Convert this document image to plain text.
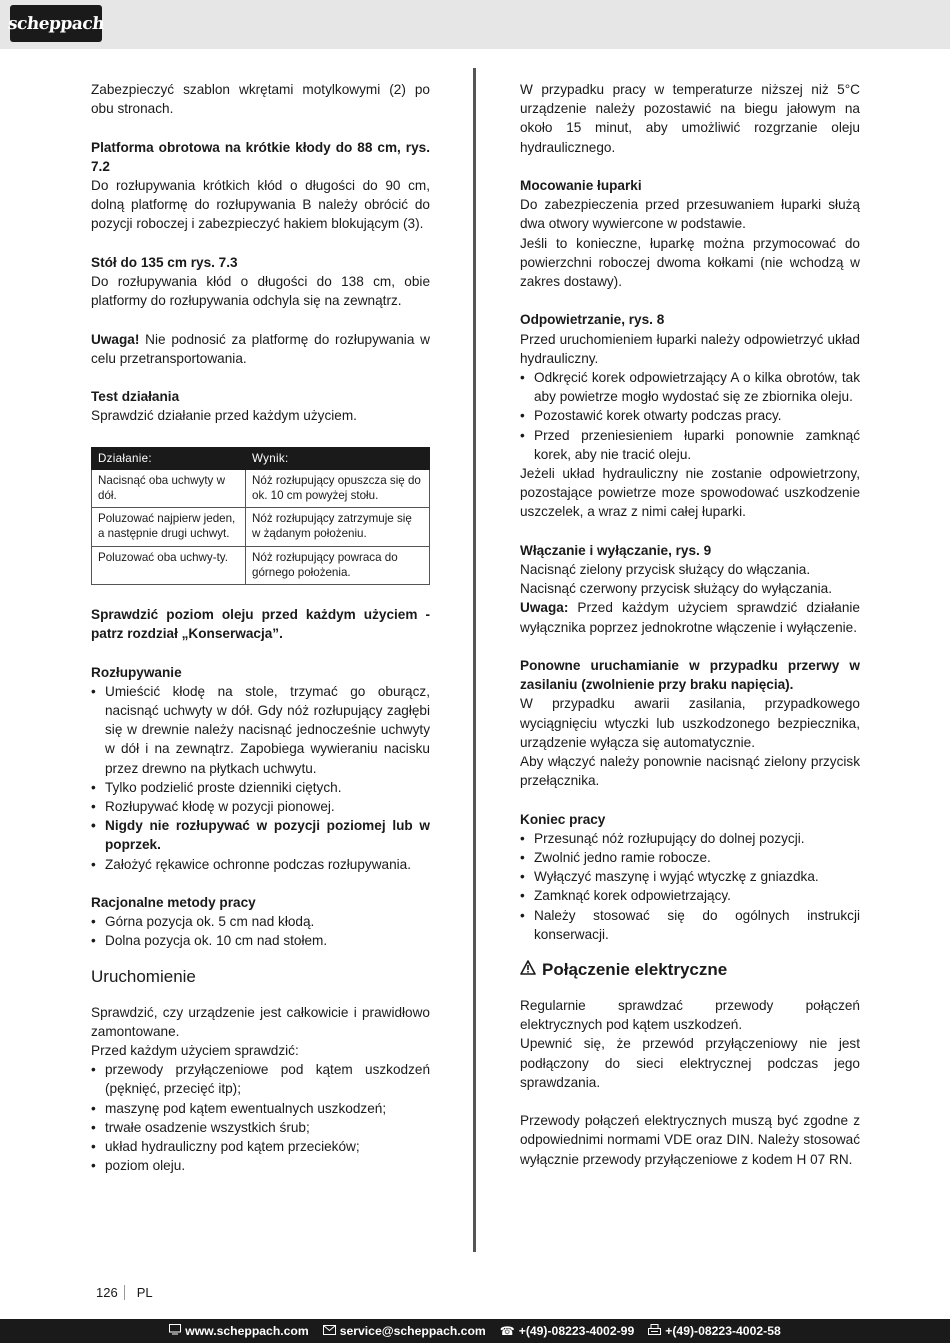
scheppach

Zabezpieczyć szablon wkrętami motylkowymi (2) po obu stronach.

Platforma obrotowa na krótkie kłody do 88 cm, rys. 7.2

Do rozłupywania krótkich kłód o długości do 90 cm, dolną platformę do rozłupywania B należy obrócić do pozycji roboczej i zabezpieczyć hakiem blokującym (3).

Stół do 135 cm rys. 7.3

Do rozłupywania kłód o długości do 138 cm, obie platformy do rozłupywania odchyla się na zewnątrz.

Uwaga! Nie podnosić za platformę do rozłupywania w celu przetransportowania.

Test działania

Sprawdzić działanie przed każdym użyciem.

Działanie:	Wynik:
Nacisnąć oba uchwyty w dół.	Nóż rozłupujący opuszcza się do ok. 10 cm powyżej stołu.
Poluzować najpierw jeden, a następnie drugi uchwyt.	Nóż rozłupujący zatrzymuje się w żądanym położeniu.
Poluzować oba uchwy-ty.	Nóż rozłupujący powraca do górnego położenia.

Sprawdzić poziom oleju przed każdym użyciem - patrz rozdział „Konserwacja”.

Rozłupywanie

• Umieścić kłodę na stole, trzymać go oburącz, nacisnąć uchwyty w dół. Gdy nóż rozłupujący zagłębi się w drewnie należy nacisnąć jednocześnie uchwyty w dół i na zewnątrz. Zapobiega wywieraniu nacisku przez drewno na płytkach uchwytu.
• Tylko podzielić proste dzienniki ciętych.
• Rozłupywać kłodę w pozycji pionowej.
• Nigdy nie rozłupywać w pozycji poziomej lub w poprzek.
• Założyć rękawice ochronne podczas rozłupywania.

Racjonalne metody pracy

• Górna pozycja ok. 5 cm nad kłodą.
• Dolna pozycja ok. 10 cm nad stołem.
Uruchomienie

Sprawdzić, czy urządzenie jest całkowicie i prawidłowo zamontowane.

Przed każdym użyciem sprawdzić:

• przewody przyłączeniowe pod kątem uszkodzeń (pęknięć, przecięć itp);
• maszynę pod kątem ewentualnych uszkodzeń;
• trwałe osadzenie wszystkich śrub;
• układ hydrauliczny pod kątem przecieków;
• poziom oleju.

W przypadku pracy w temperaturze niższej niż 5°C urządzenie należy pozostawić na biegu jałowym na około 15 minut, aby umożliwić rozgrzanie oleju hydraulicznego.

Mocowanie łuparki

Do zabezpieczenia przed przesuwaniem łuparki służą dwa otwory wywiercone w podstawie.

Jeśli to konieczne, łuparkę można przymocować do powierzchni roboczej dwoma kołkami (nie wchodzą w zakres dostawy).

Odpowietrzanie, rys. 8

Przed uruchomieniem łuparki należy odpowietrzyć układ hydrauliczny.

• Odkręcić korek odpowietrzający A o kilka obrotów, tak aby powietrze mogło wydostać się ze zbiornika oleju.
• Pozostawić korek otwarty podczas pracy.
• Przed przeniesieniem łuparki ponownie zamknąć korek, aby nie tracić oleju.

Jeżeli układ hydrauliczny nie zostanie odpowietrzony, pozostające powietrze moze spowodować uszkodzenie uszczelek, a wraz z nimi całej łuparki.

Włączanie i wyłączanie, rys. 9

Nacisnąć zielony przycisk służący do włączania.

Nacisnąć czerwony przycisk służący do wyłączania.

Uwaga: Przed każdym użyciem sprawdzić działanie wyłącznika poprzez jednokrotne włączenie i wyłączenie.

Ponowne uruchamianie w przypadku przerwy w zasilaniu (zwolnienie przy braku napięcia).

W przypadku awarii zasilania, przypadkowego wyciągnięciu wtyczki lub uszkodzonego bezpiecznika, urządzenie wyłącza się automatycznie.

Aby włączyć należy ponownie nacisnąć zielony przycisk przełącznika.

Koniec pracy

• Przesunąć nóż rozłupujący do dolnej pozycji.
• Zwolnić jedno ramie robocze.
• Wyłączyć maszynę i wyjąć wtyczkę z gniazdka.
• Zamknąć korek odpowietrzający.
• Należy stosować się do ogólnych instrukcji konserwacji.
Połączenie elektryczne

Regularnie sprawdzać przewody połączeń elektrycznych pod kątem uszkodzeń.

Upewnić się, że przewód przyłączeniowy nie jest podłączony do sieci elektrycznej podczas jego sprawdzania.

Przewody połączeń elektrycznych muszą być zgodne z odpowiednimi normami VDE oraz DIN. Należy stosować wyłącznie przewody przyłączeniowe z kodem H 07 RN.

126 PL
www.scheppach.com	service@scheppach.com ☎ +(49)-08223-4002-99	+(49)-08223-4002-58
